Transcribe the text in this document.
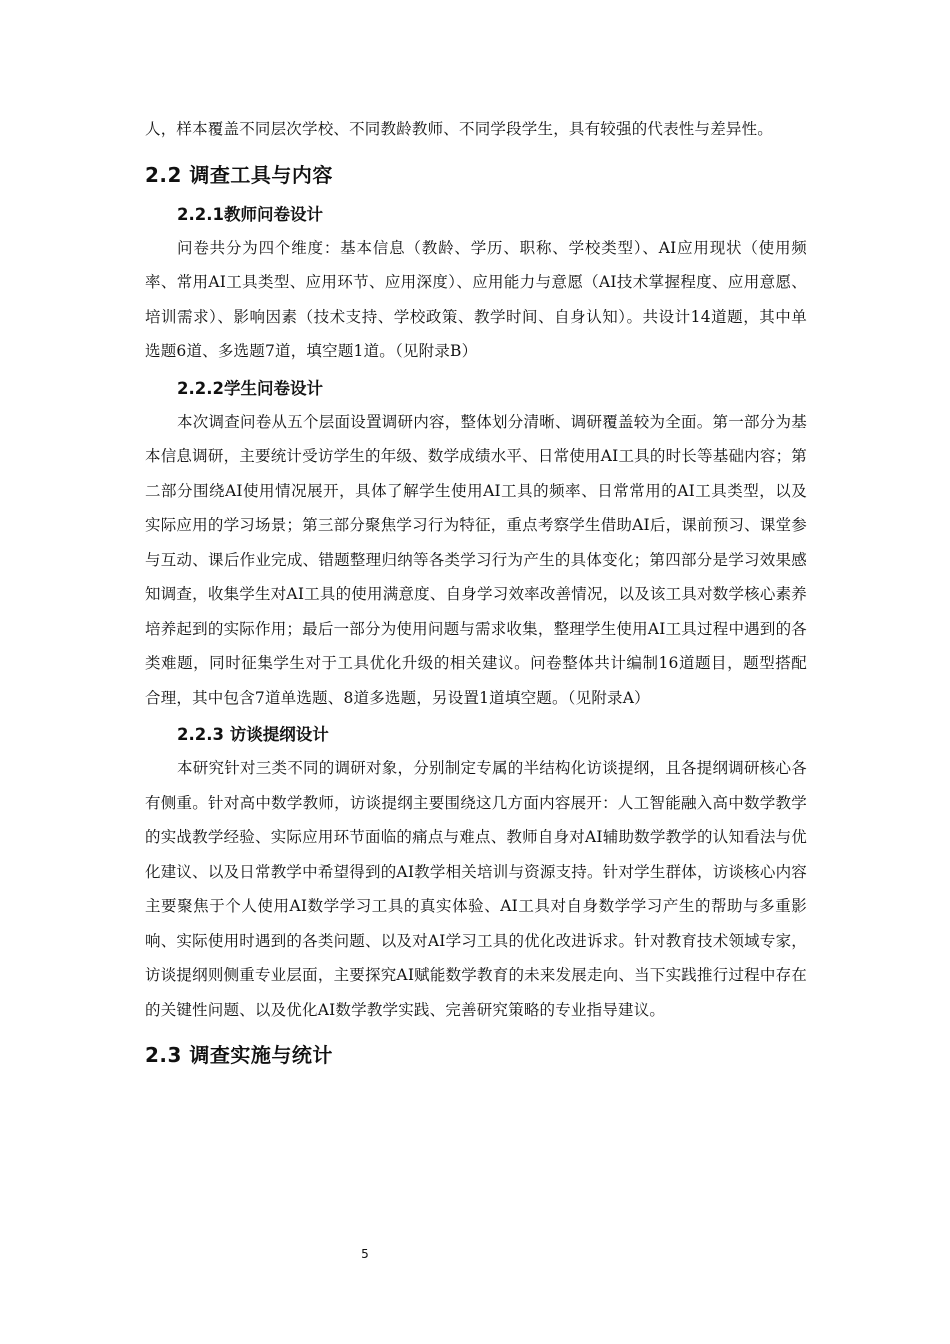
人，样本覆盖不同层次学校、不同教龄教师、不同学段学生，具有较强的代表性与差异性。

2.2 调查工具与内容
2.2.1教师问卷设计

问卷共分为四个维度：基本信息（教龄、学历、职称、学校类型）、AI应用现状（使用频率、常用AI工具类型、应用环节、应用深度）、应用能力与意愿（AI技术掌握程度、应用意愿、培训需求）、影响因素（技术支持、学校政策、教学时间、自身认知）。共设计14道题，其中单选题6道、多选题7道，填空题1道。（见附录B）

2.2.2学生问卷设计

本次调查问卷从五个层面设置调研内容，整体划分清晰、调研覆盖较为全面。第一部分为基本信息调研，主要统计受访学生的年级、数学成绩水平、日常使用AI工具的时长等基础内容；第二部分围绕AI使用情况展开，具体了解学生使用AI工具的频率、日常常用的AI工具类型，以及实际应用的学习场景；第三部分聚焦学习行为特征，重点考察学生借助AI后，课前预习、课堂参与互动、课后作业完成、错题整理归纳等各类学习行为产生的具体变化；第四部分是学习效果感知调查，收集学生对AI工具的使用满意度、自身学习效率改善情况，以及该工具对数学核心素养培养起到的实际作用；最后一部分为使用问题与需求收集，整理学生使用AI工具过程中遇到的各类难题，同时征集学生对于工具优化升级的相关建议。问卷整体共计编制16道题目，题型搭配合理，其中包含7道单选题、8道多选题，另设置1道填空题。（见附录A）

2.2.3 访谈提纲设计

本研究针对三类不同的调研对象，分别制定专属的半结构化访谈提纲，且各提纲调研核心各有侧重。针对高中数学教师，访谈提纲主要围绕这几方面内容展开：人工智能融入高中数学教学的实战教学经验、实际应用环节面临的痛点与难点、教师自身对AI辅助数学教学的认知看法与优化建议、以及日常教学中希望得到的AI教学相关培训与资源支持。针对学生群体，访谈核心内容主要聚焦于个人使用AI数学学习工具的真实体验、AI工具对自身数学学习产生的帮助与多重影响、实际使用时遇到的各类问题、以及对AI学习工具的优化改进诉求。针对教育技术领域专家，访谈提纲则侧重专业层面，主要探究AI赋能数学教育的未来发展走向、当下实践推行过程中存在的关键性问题、以及优化AI数学教学实践、完善研究策略的专业指导建议。

2.3 调查实施与统计
5
